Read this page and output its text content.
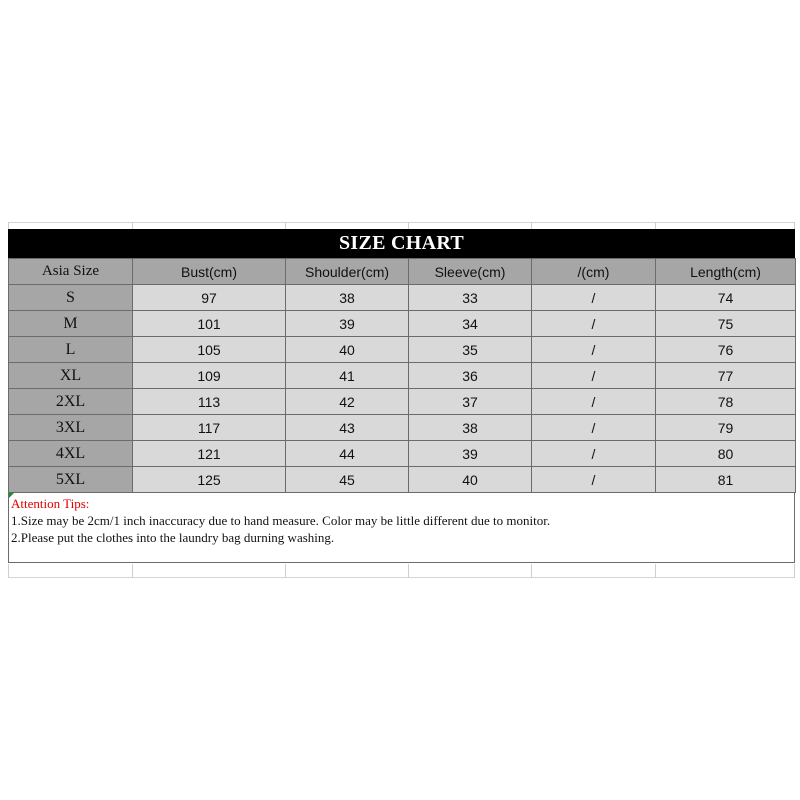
SIZE CHART
Asia Size	Bust(cm)	Shoulder(cm)	Sleeve(cm)	/(cm)	Length(cm)
S	97	38	33	/	74
M	101	39	34	/	75
L	105	40	35	/	76
XL	109	41	36	/	77
2XL	113	42	37	/	78
3XL	117	43	38	/	79
4XL	121	44	39	/	80
5XL	125	45	40	/	81
Attention Tips:
1.Size may be 2cm/1 inch inaccuracy due to hand measure. Color may be little different due to monitor.
2.Please put the clothes into the laundry bag durning washing.
